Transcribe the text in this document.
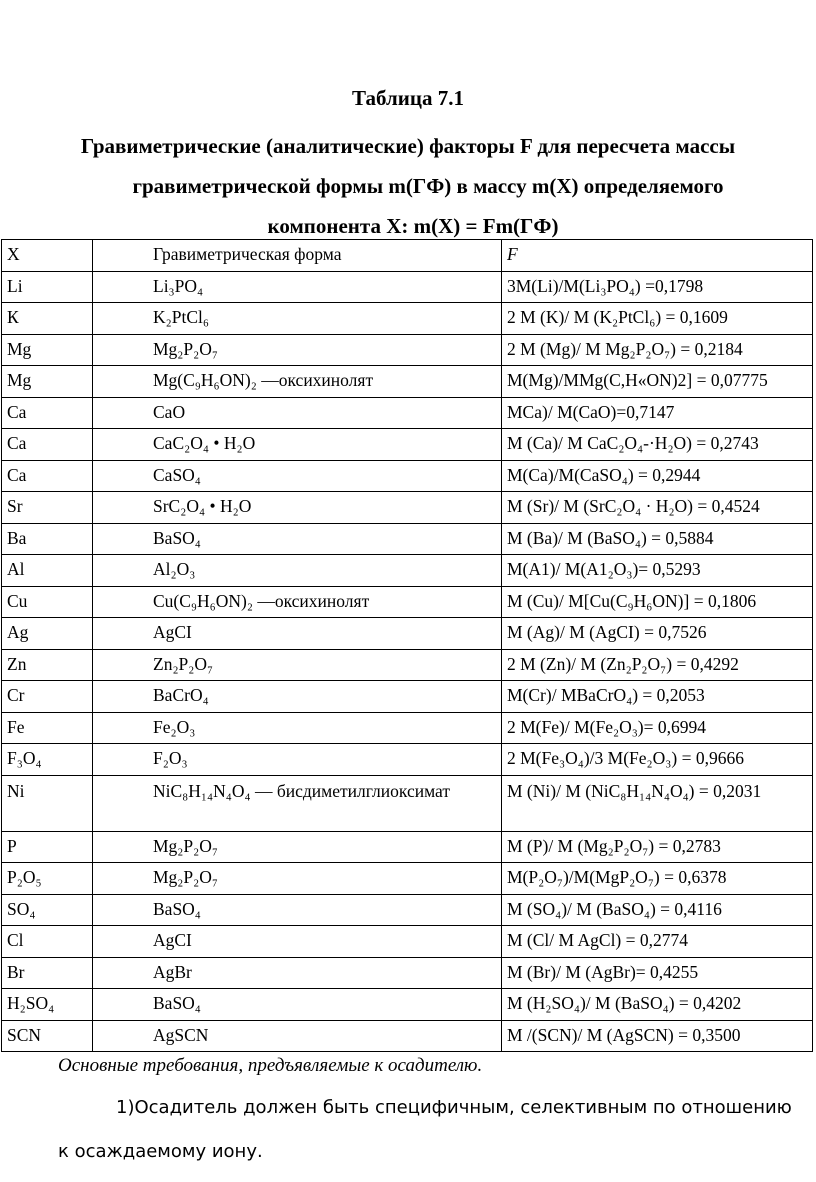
Таблица 7.1
Гравиметрические (аналитические) факторы F для пересчета массы
гравиметрической формы m(ГФ) в массу m(X) определяемого
компонента X: m(X) = Fm(ГФ)
X	Гравиметрическая форма	F
Li	Li₃PO₄	3M(Li)/M(Li₃PO₄) =0,1798
К	K₂PtCl₆	2 M (K)/ M (K₂PtCl₆) = 0,1609
Mg	Mg₂P₂O₇	2 M (Mg)/ M Mg₂P₂O₇) = 0,2184
Mg	Mg(C₉H₆ON)₂ —оксихинолят	M(Mg)/MMg(C,H«ON)2] = 0,07775
Ca	CaO	MCa)/ M(CaO)=0,7147
Ca	CaC₂O₄ • H₂O	M (Ca)/ M CaC₂O₄-·H₂O) = 0,2743
Ca	CaSO₄	M(Ca)/M(CaSO₄) = 0,2944
Sr	SrC₂O₄ • H₂O	M (Sr)/ M (SrC₂O₄ · H₂O) = 0,4524
Ba	BaSO₄	M (Ba)/ M (BaSO₄) = 0,5884
Al	Al₂O₃	M(A1)/ M(A1₂O₃)= 0,5293
Cu	Cu(C₉H₆ON)₂ —оксихинолят	M (Cu)/ M[Cu(C₉H₆ON)] = 0,1806
Ag	AgCI	M (Ag)/ M (AgCI) = 0,7526
Zn	Zn₂P₂O₇	2 M (Zn)/ M (Zn₂P₂O₇) = 0,4292
Cr	BaCrO₄	M(Cr)/ MBaCrO₄) = 0,2053
Fe	Fe₂O₃	2 M(Fe)/ M(Fe₂O₃)= 0,6994
F₃O₄	F₂O₃	2 M(Fe₃O₄)/3 M(Fe₂O₃) = 0,9666
Ni	NiC₈H₁₄N₄O₄ — бисдиметилглиоксимат	M (Ni)/ M (NiC₈H₁₄N₄O₄) = 0,2031
P	Mg₂P₂O₇	M (P)/ M (Mg₂P₂O₇) = 0,2783
P₂O₅	Mg₂P₂O₇	M(P₂O₇)/M(MgP₂O₇) = 0,6378
SO₄	BaSO₄	M (SO₄)/ M (BaSO₄) = 0,4116
Cl	AgCI	M (Cl/ M AgCl) = 0,2774
Br	AgBr	M (Br)/ M (AgBr)= 0,4255
H₂SO₄	BaSO₄	M (H₂SO₄)/ M (BaSO₄) = 0,4202
SCN	AgSCN	M /(SCN)/ M (AgSCN) = 0,3500
Основные требования, предъявляемые к осадителю.
1)Осадитель должен быть специфичным, селективным по отношению
к осаждаемому иону.
